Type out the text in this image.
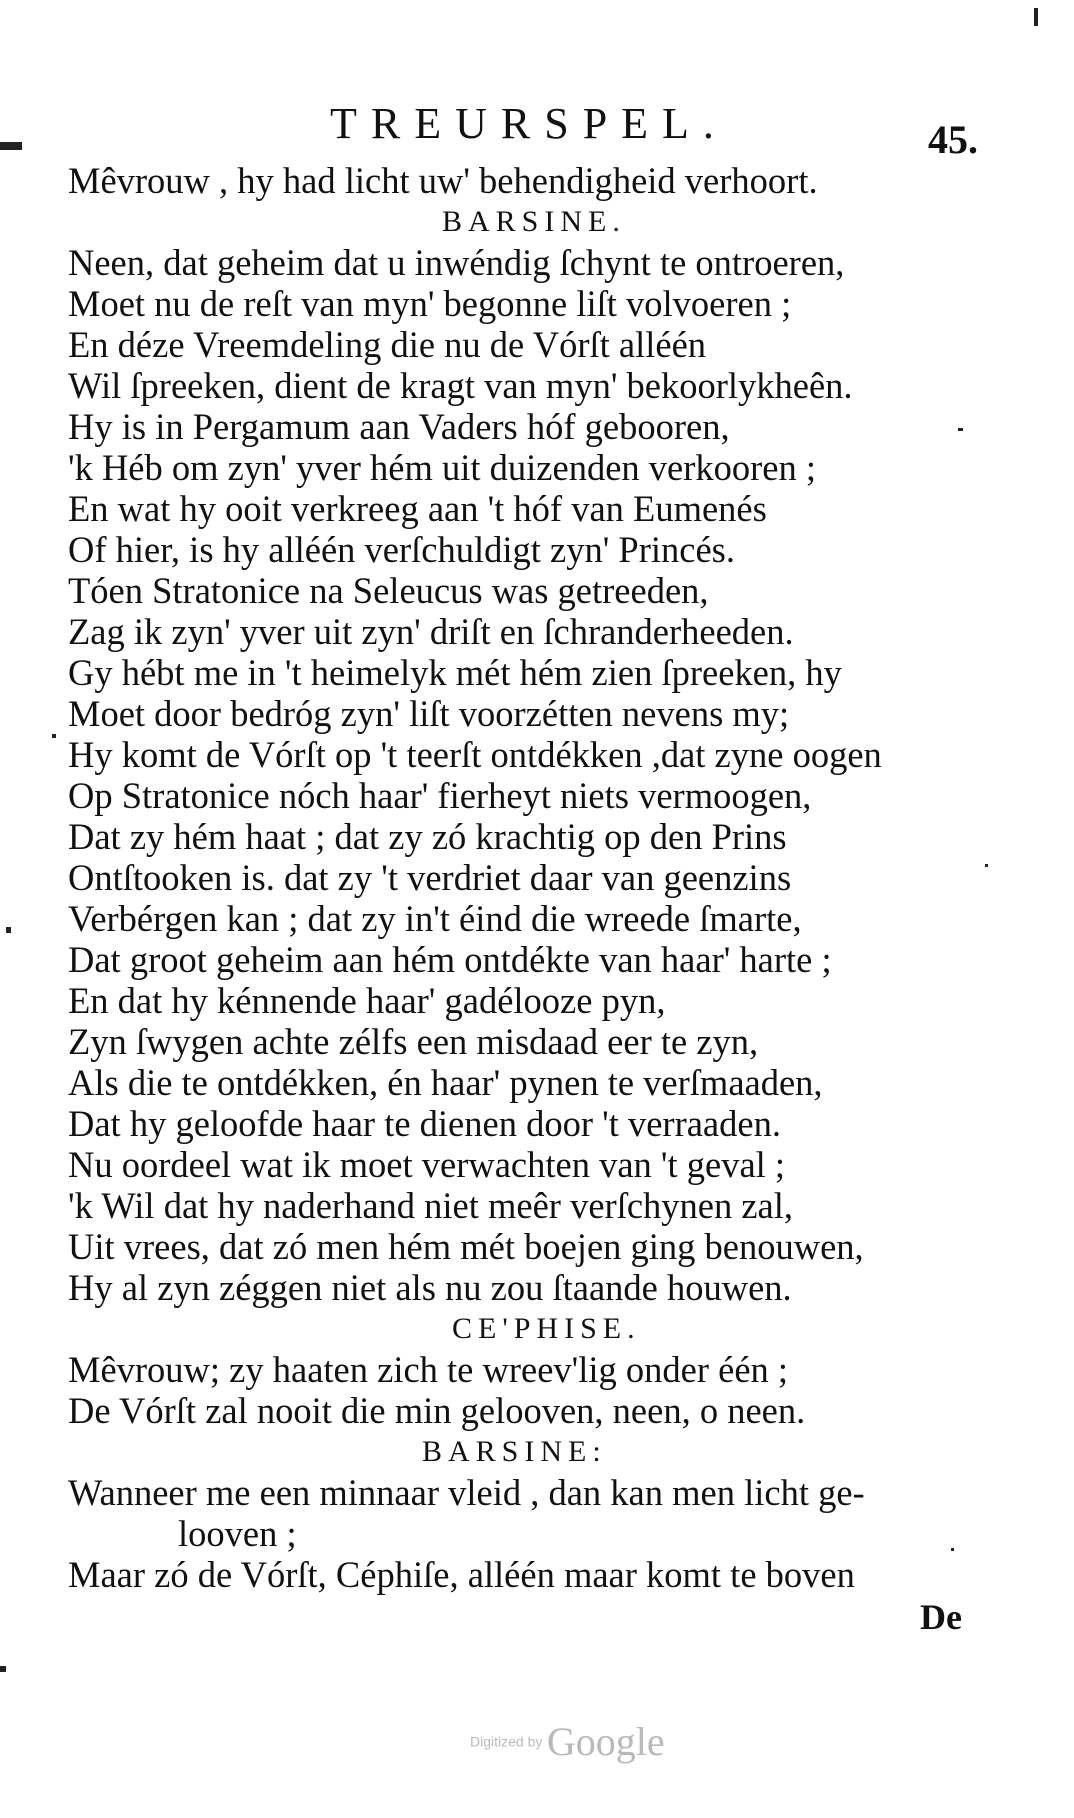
TREURSPEL.	45.
Mêvrouw , hy had licht uw' behendigheid verhoort.
BARSINE.
Neen, dat geheim dat u inwéndig ſchynt te ontroeren,
Moet nu de reſt van myn' begonne liſt volvoeren ;
En déze Vreemdeling die nu de Vórſt alléén
Wil ſpreeken, dient de kragt van myn' bekoorlykheên.
Hy is in Pergamum aan Vaders hóf gebooren,
'k Héb om zyn' yver hém uit duizenden verkooren ;
En wat hy ooit verkreeg aan 't hóf van Eumenés
Of hier, is hy alléén verſchuldigt zyn' Princés.
Tóen Stratonice na Seleucus was getreeden,
Zag ik zyn' yver uit zyn' driſt en ſchranderheeden.
Gy hébt me in 't heimelyk mét hém zien ſpreeken, hy
Moet door bedróg zyn' liſt voorzétten nevens my;
Hy komt de Vórſt op 't teerſt ontdékken ,dat zyne oogen
Op Stratonice nóch haar' fierheyt niets vermoogen,
Dat zy hém haat ; dat zy zó krachtig op den Prins
Ontſtooken is. dat zy 't verdriet daar van geenzins
Verbérgen kan ; dat zy in't éind die wreede ſmarte,
Dat groot geheim aan hém ontdékte van haar' harte ;
En dat hy kénnende haar' gadélooze pyn,
Zyn ſwygen achte zélfs een misdaad eer te zyn,
Als die te ontdékken, én haar' pynen te verſmaaden,
Dat hy geloofde haar te dienen door 't verraaden.
Nu oordeel wat ik moet verwachten van 't geval ;
'k Wil dat hy naderhand niet meêr verſchynen zal,
Uit vrees, dat zó men hém mét boejen ging benouwen,
Hy al zyn zéggen niet als nu zou ſtaande houwen.
CE'PHISE.
Mêvrouw; zy haaten zich te wreev'lig onder één ;
De Vórſt zal nooit die min gelooven, neen, o neen.
BARSINE:
Wanneer me een minnaar vleid , dan kan men licht ge-
looven ;
Maar zó de Vórſt, Céphiſe, alléén maar komt te boven
De
Digitized by Google
